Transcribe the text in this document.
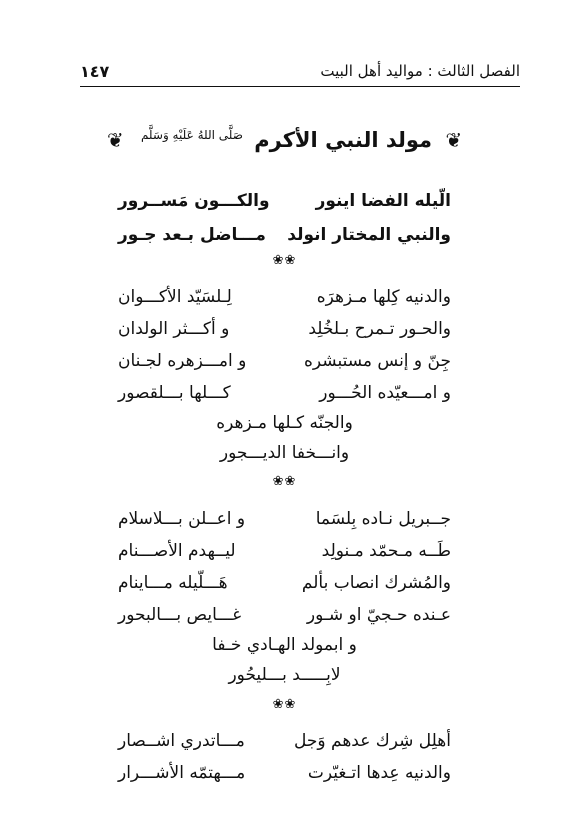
الفصل الثالث : مواليد أهل البيت
١٤٧
❦ مولد النبي الأكرم $^{صَلَّى اللهُ عَلَيْهِ وَسَلَّم}$ ❦
الّيله الفضا اينور
والكـــون مَســرور
والنبي المختار انولد
مـــاضل بـعد جـور
❀❀
والدنيه كِلها مـزهرَه
لِـلسَيّد الأكـــوان
والحـور تـمرح بـلخُلِد
و أكـــثر الولدان
جِنّ و إنس مستبشره
و امـــزهره لجـنان
و امـــعيّده الحُـــور
كـــلها بـــلقصور
والجنّه كـلها مـزهره
وانـــخفا الديـــجور
❀❀
جــبريل نـاده بِلسَما
و اعــلن بـــلاسلام
طَــه مـحمّد مـنولِد
ليــهدم الأصـــنام
والمُشرك انصاب بألم
هَـــلّيله مـــاينام
عـنده حـجيّ او شـور
غـــايص بـــالبحور
و ابمولد الهـادي خـفا
لابِـــــد بـــليحُور
❀❀
أهلِل شِرك عدهم وَجل
مـــاتدري اشــصار
والدنيه عِدها اتـغيّرت
مـــهتمّه الأشـــرار
